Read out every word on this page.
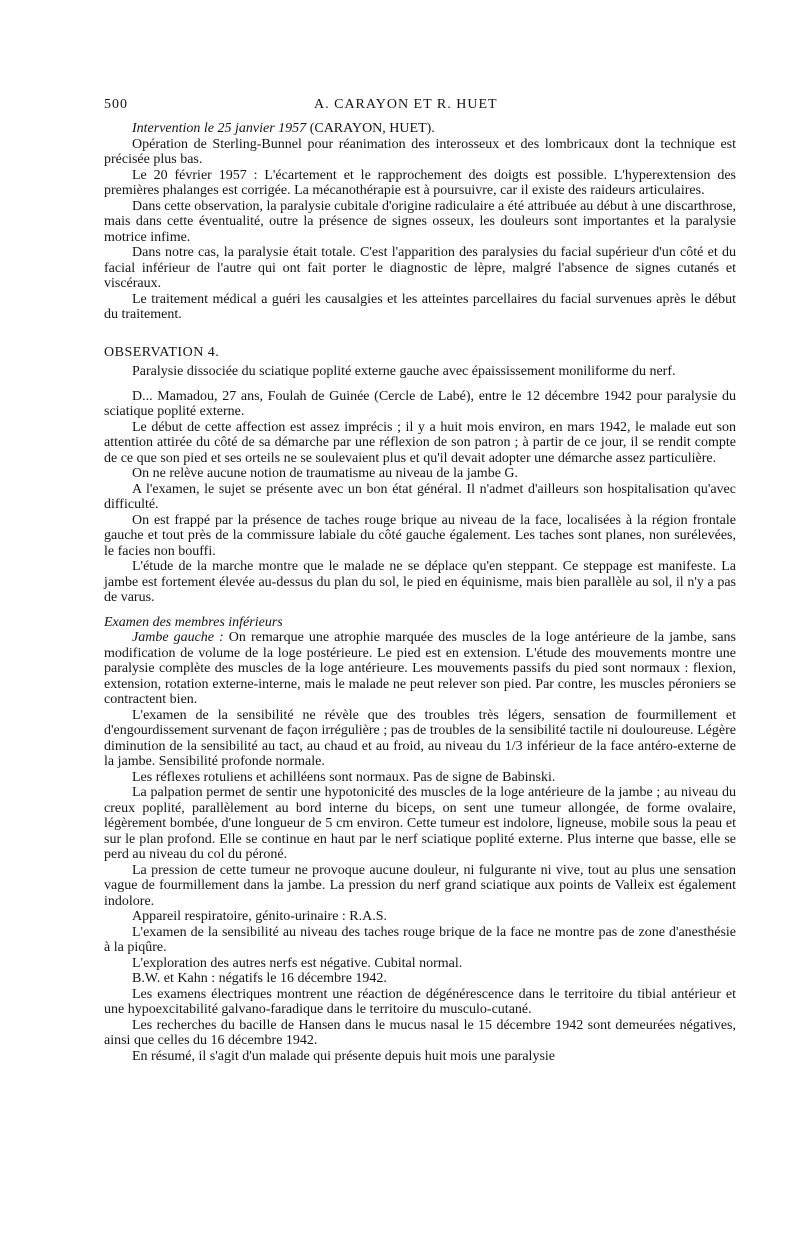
500	A. CARAYON ET R. HUET

Intervention le 25 janvier 1957 (CARAYON, HUET).

Opération de Sterling-Bunnel pour réanimation des interosseux et des lombricaux dont la technique est précisée plus bas.

Le 20 février 1957 : L'écartement et le rapprochement des doigts est possible. L'hyperextension des premières phalanges est corrigée. La mécanothérapie est à poursuivre, car il existe des raideurs articulaires.

Dans cette observation, la paralysie cubitale d'origine radiculaire a été attribuée au début à une discarthrose, mais dans cette éventualité, outre la présence de signes osseux, les douleurs sont importantes et la paralysie motrice infime.

Dans notre cas, la paralysie était totale. C'est l'apparition des paralysies du facial supérieur d'un côté et du facial inférieur de l'autre qui ont fait porter le diagnostic de lèpre, malgré l'absence de signes cutanés et viscéraux.

Le traitement médical a guéri les causalgies et les atteintes parcellaires du facial survenues après le début du traitement.

OBSERVATION 4.

Paralysie dissociée du sciatique poplité externe gauche avec épaississement moniliforme du nerf.

D... Mamadou, 27 ans, Foulah de Guinée (Cercle de Labé), entre le 12 décembre 1942 pour paralysie du sciatique poplité externe.

Le début de cette affection est assez imprécis ; il y a huit mois environ, en mars 1942, le malade eut son attention attirée du côté de sa démarche par une réflexion de son patron ; à partir de ce jour, il se rendit compte de ce que son pied et ses orteils ne se soulevaient plus et qu'il devait adopter une démarche assez particulière.

On ne relève aucune notion de traumatisme au niveau de la jambe G.

A l'examen, le sujet se présente avec un bon état général. Il n'admet d'ailleurs son hospitalisation qu'avec difficulté.

On est frappé par la présence de taches rouge brique au niveau de la face, localisées à la région frontale gauche et tout près de la commissure labiale du côté gauche également. Les taches sont planes, non surélevées, le facies non bouffi.

L'étude de la marche montre que le malade ne se déplace qu'en steppant. Ce steppage est manifeste. La jambe est fortement élevée au-dessus du plan du sol, le pied en équinisme, mais bien parallèle au sol, il n'y a pas de varus.

Examen des membres inférieurs

Jambe gauche : On remarque une atrophie marquée des muscles de la loge antérieure de la jambe, sans modification de volume de la loge postérieure. Le pied est en extension. L'étude des mouvements montre une paralysie complète des muscles de la loge antérieure. Les mouvements passifs du pied sont normaux : flexion, extension, rotation externe-interne, mais le malade ne peut relever son pied. Par contre, les muscles péroniers se contractent bien.

L'examen de la sensibilité ne révèle que des troubles très légers, sensation de fourmillement et d'engourdissement survenant de façon irrégulière ; pas de troubles de la sensibilité tactile ni douloureuse. Légère diminution de la sensibilité au tact, au chaud et au froid, au niveau du 1/3 inférieur de la face antéro-externe de la jambe. Sensibilité profonde normale.

Les réflexes rotuliens et achilléens sont normaux. Pas de signe de Babinski.

La palpation permet de sentir une hypotonicité des muscles de la loge antérieure de la jambe ; au niveau du creux poplité, parallèlement au bord interne du biceps, on sent une tumeur allongée, de forme ovalaire, légèrement bombée, d'une longueur de 5 cm environ. Cette tumeur est indolore, ligneuse, mobile sous la peau et sur le plan profond. Elle se continue en haut par le nerf sciatique poplité externe. Plus interne que basse, elle se perd au niveau du col du péroné.

La pression de cette tumeur ne provoque aucune douleur, ni fulgurante ni vive, tout au plus une sensation vague de fourmillement dans la jambe. La pression du nerf grand sciatique aux points de Valleix est également indolore.

Appareil respiratoire, génito-urinaire : R.A.S.

L'examen de la sensibilité au niveau des taches rouge brique de la face ne montre pas de zone d'anesthésie à la piqûre.

L'exploration des autres nerfs est négative. Cubital normal.

B.W. et Kahn : négatifs le 16 décembre 1942.

Les examens électriques montrent une réaction de dégénérescence dans le territoire du tibial antérieur et une hypoexcitabilité galvano-faradique dans le territoire du musculo-cutané.

Les recherches du bacille de Hansen dans le mucus nasal le 15 décembre 1942 sont demeurées négatives, ainsi que celles du 16 décembre 1942.

En résumé, il s'agit d'un malade qui présente depuis huit mois une paralysie
